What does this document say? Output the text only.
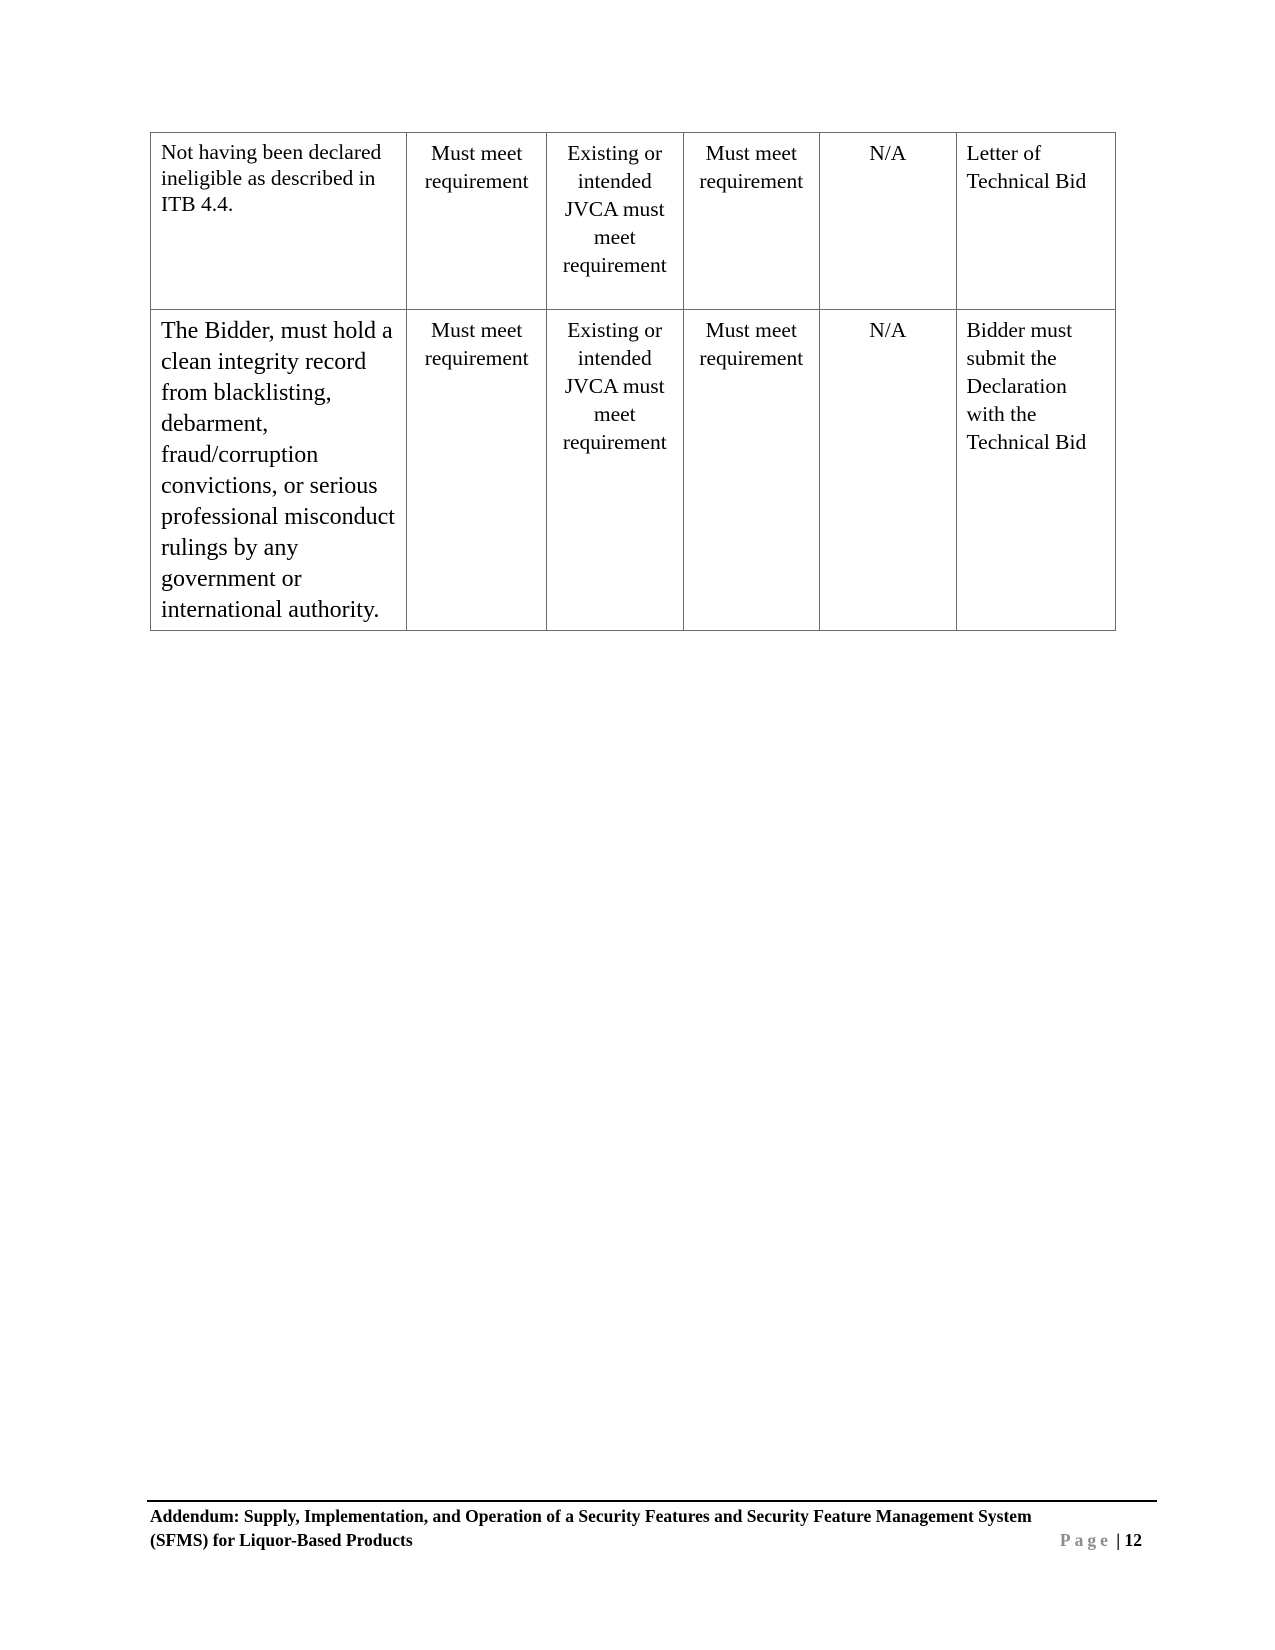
Not having been declared ineligible as described in ITB 4.4.	Must meet requirement	Existing or intended JVCA must meet requirement	Must meet requirement	N/A	Letter of Technical Bid
The Bidder, must hold a clean integrity record from blacklisting, debarment, fraud/corruption convictions, or serious professional misconduct rulings by any government or international authority.	Must meet requirement	Existing or intended JVCA must meet requirement	Must meet requirement	N/A	Bidder must submit the Declaration with the Technical Bid
Addendum: Supply, Implementation, and Operation of a Security Features and Security Feature Management System
(SFMS) for Liquor-Based Products	Page | 12
